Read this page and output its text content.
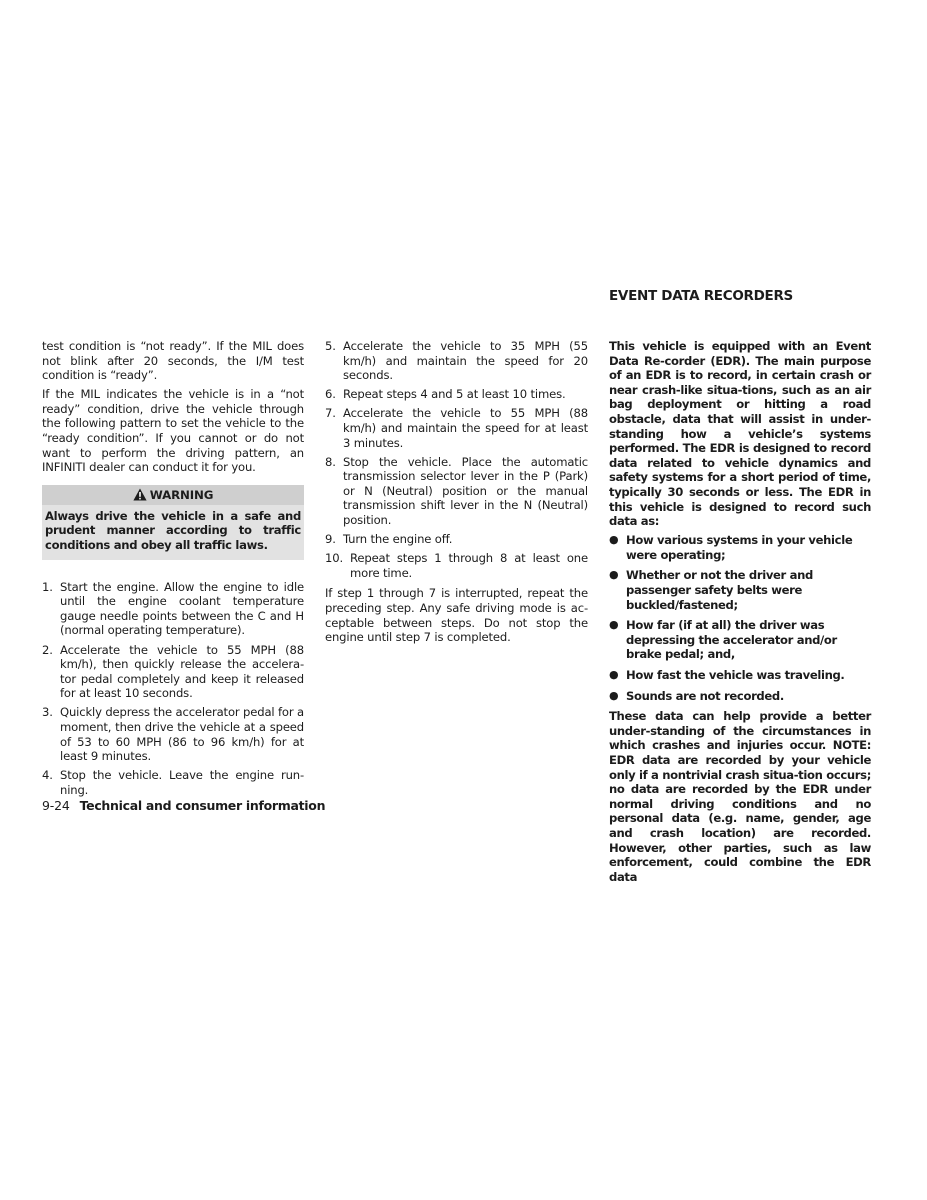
EVENT DATA RECORDERS

test condition is “not ready”. If the MIL does not blink after 20 seconds, the I/M test condition is “ready”.

If the MIL indicates the vehicle is in a “not ready” condition, drive the vehicle through the following pattern to set the vehicle to the “ready condition”. If you cannot or do not want to perform the driving pattern, an INFINITI dealer can conduct it for you.

WARNING
Always drive the vehicle in a safe and prudent manner according to traffic conditions and obey all traffic laws.
1. Start the engine. Allow the engine to idle until the engine coolant temperature gauge needle points between the C and H (normal operating temperature).
2. Accelerate the vehicle to 55 MPH (88 km/h), then quickly release the accelera-tor pedal completely and keep it released for at least 10 seconds.
3. Quickly depress the accelerator pedal for a moment, then drive the vehicle at a speed of 53 to 60 MPH (86 to 96 km/h) for at least 9 minutes.
4. Stop the vehicle. Leave the engine run-ning.
5. Accelerate the vehicle to 35 MPH (55 km/h) and maintain the speed for 20 seconds.
6. Repeat steps 4 and 5 at least 10 times.
7. Accelerate the vehicle to 55 MPH (88 km/h) and maintain the speed for at least 3 minutes.
8. Stop the vehicle. Place the automatic transmission selector lever in the P (Park) or N (Neutral) position or the manual transmission shift lever in the N (Neutral) position.
9. Turn the engine off.
10. Repeat steps 1 through 8 at least one more time.

If step 1 through 7 is interrupted, repeat the preceding step. Any safe driving mode is ac-ceptable between steps. Do not stop the engine until step 7 is completed.

This vehicle is equipped with an Event Data Re-corder (EDR). The main purpose of an EDR is to record, in certain crash or near crash-like situa-tions, such as an air bag deployment or hitting a road obstacle, data that will assist in under-standing how a vehicle’s systems performed. The EDR is designed to record data related to vehicle dynamics and safety systems for a short period of time, typically 30 seconds or less. The EDR in this vehicle is designed to record such data as:

● How various systems in your vehicle were operating;
● Whether or not the driver and passenger safety belts were buckled/fastened;
● How far (if at all) the driver was depressing the accelerator and/or brake pedal; and,
● How fast the vehicle was traveling.
● Sounds are not recorded.

These data can help provide a better under-standing of the circumstances in which crashes and injuries occur. NOTE: EDR data are recorded by your vehicle only if a nontrivial crash situa-tion occurs; no data are recorded by the EDR under normal driving conditions and no personal data (e.g. name, gender, age and crash location) are recorded. However, other parties, such as law enforcement, could combine the EDR data

9-24 Technical and consumer information
